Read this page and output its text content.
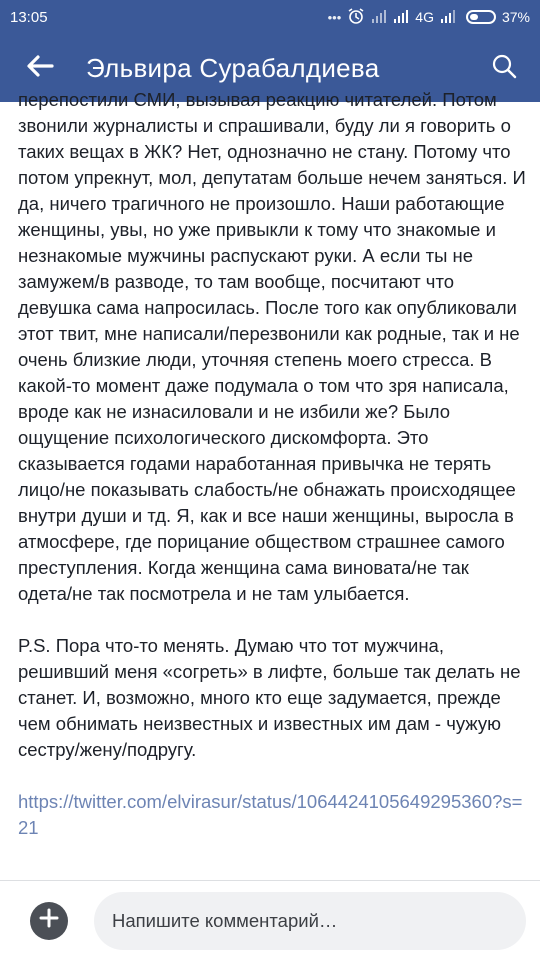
13:05	•••	4G	37%
Эльвира Сурабалдиева
перепостили СМИ, вызывая реакцию читателей. Потом звонили журналисты и спрашивали, буду ли я говорить о таких вещах в ЖК? Нет, однозначно не стану. Потому что потом упрекнут, мол, депутатам больше нечем заняться. И да, ничего трагичного не произошло. Наши работающие женщины, увы, но уже привыкли к тому что знакомые и незнакомые мужчины распускают руки. А если ты не замужем/в разводе, то там вообще, посчитают что девушка сама напросилась. После того как опубликовали этот твит, мне написали/перезвонили как родные, так и не очень близкие люди, уточняя степень моего стресса. В какой-то момент даже подумала о том что зря написала, вроде как не изнасиловали и не избили же? Было ощущение психологического дискомфорта. Это сказывается годами наработанная привычка не терять лицо/не показывать слабость/не обнажать происходящее внутри души и тд. Я, как и все наши женщины, выросла в атмосфере, где порицание обществом страшнее самого преступления. Когда женщина сама виновата/не так одета/не так посмотрела и не там улыбается.
P.S. Пора что-то менять. Думаю что тот мужчина, решивший меня «согреть» в лифте, больше так делать не станет. И, возможно, много кто еще задумается, прежде чем обнимать неизвестных и известных им дам - чужую сестру/жену/подругу.
https://twitter.com/elvirasur/status/1064424105649295360?s=21
Напишите комментарий…
